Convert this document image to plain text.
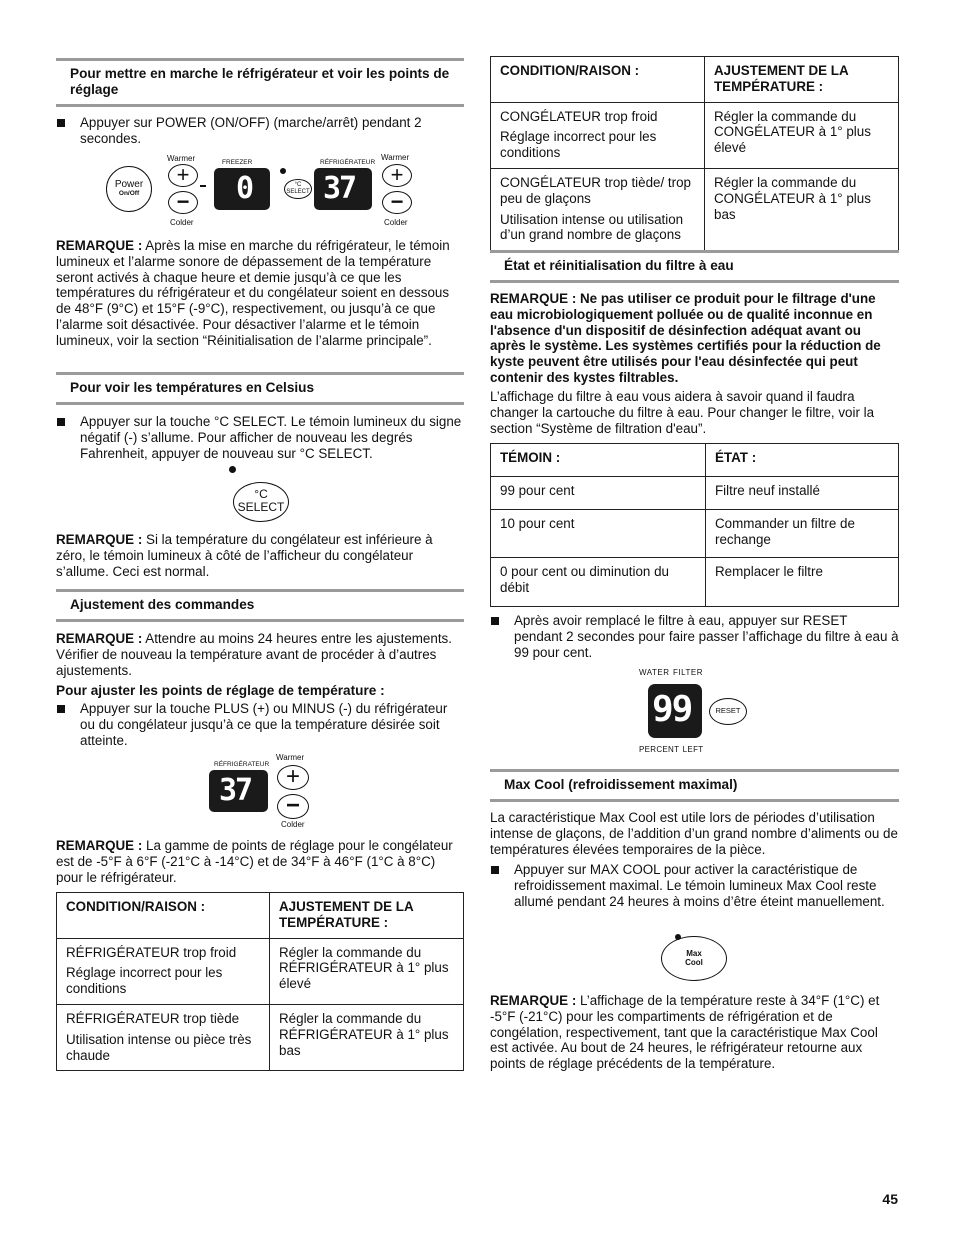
Pour mettre en marche le réfrigérateur et voir les points de réglage
Appuyer sur POWER (ON/OFF) (marche/arrêt) pendant 2 secondes.
Power
On/Off
Warmer
+
−
Colder
FREEZER
0	°C
SELECT
RÉFRIGÉRATEUR
37
Warmer
+
−
Colder
REMARQUE : Après la mise en marche du réfrigérateur, le témoin lumineux et l’alarme sonore de dépassement de la température seront activés à chaque heure et demie jusqu’à ce que les températures du réfrigérateur et du congélateur soient en dessous de 48°F (9°C) et 15°F (-9°C), respectivement, ou jusqu’à ce que l’alarme soit désactivée. Pour désactiver l’alarme et le témoin lumineux, voir la section “Réinitialisation de l’alarme principale”.
Pour voir les températures en Celsius
Appuyer sur la touche °C SELECT. Le témoin lumineux du signe négatif (-) s’allume. Pour afficher de nouveau les degrés Fahrenheit, appuyer de nouveau sur °C SELECT.
°C
SELECT
REMARQUE : Si la température du congélateur est inférieure à zéro, le témoin lumineux à côté de l’afficheur du congélateur s’allume. Ceci est normal.
Ajustement des commandes
REMARQUE : Attendre au moins 24 heures entre les ajustements. Vérifier de nouveau la température avant de procéder à d’autres ajustements.
Pour ajuster les points de réglage de température :
Appuyer sur la touche PLUS (+) ou MINUS (-) du réfrigérateur ou du congélateur jusqu’à ce que la température désirée soit atteinte.
RÉFRIGÉRATEUR
37
Warmer
+
−
Colder
REMARQUE : La gamme de points de réglage pour le congélateur est de -5°F à 6°F (-21°C à -14°C) et de 34°F à 46°F (1°C à 8°C) pour le réfrigérateur.
CONDITION/RAISON :	AJUSTEMENT DE LA TEMPÉRATURE :

RÉFRIGÉRATEUR trop froid

Réglage incorrect pour les conditions	Régler la commande du RÉFRIGÉRATEUR à 1° plus élevé

RÉFRIGÉRATEUR trop tiède

Utilisation intense ou pièce très chaude	Régler la commande du RÉFRIGÉRATEUR à 1° plus bas
CONDITION/RAISON :	AJUSTEMENT DE LA TEMPÉRATURE :

CONGÉLATEUR trop froid

Réglage incorrect pour les conditions	Régler la commande du CONGÉLATEUR à 1° plus élevé

CONGÉLATEUR trop tiède/ trop peu de glaçons

Utilisation intense ou utilisation d’un grand nombre de glaçons	Régler la commande du CONGÉLATEUR à 1° plus bas
État et réinitialisation du filtre à eau
REMARQUE : Ne pas utiliser ce produit pour le filtrage d'une eau microbiologiquement polluée ou de qualité inconnue en l'absence d'un dispositif de désinfection adéquat avant ou après le système. Les systèmes certifiés pour la réduction de kyste peuvent être utilisés pour l'eau désinfectée qui peut contenir des kystes filtrables.
L’affichage du filtre à eau vous aidera à savoir quand il faudra changer la cartouche du filtre à eau. Pour changer le filtre, voir la section “Système de filtration d'eau”.
TÉMOIN :	ÉTAT :
99 pour cent	Filtre neuf installé
10 pour cent	Commander un filtre de rechange
0 pour cent ou diminution du débit	Remplacer le filtre
Après avoir remplacé le filtre à eau, appuyer sur RESET pendant 2 secondes pour faire passer l’affichage du filtre à eau à 99 pour cent.
water filter
99	RESET
percent left
Max Cool (refroidissement maximal)
La caractéristique Max Cool est utile lors de périodes d’utilisation intense de glaçons, de l’addition d’un grand nombre d’aliments ou de températures élevées temporaires de la pièce.
Appuyer sur MAX COOL pour activer la caractéristique de refroidissement maximal. Le témoin lumineux Max Cool reste allumé pendant 24 heures à moins d’être éteint manuellement.
Max
Cool
REMARQUE : L’affichage de la température reste à 34°F (1°C) et -5°F (-21°C) pour les compartiments de réfrigération et de congélation, respectivement, tant que la caractéristique Max Cool est activée. Au bout de 24 heures, le réfrigérateur retourne aux points de réglage précédents de la température.
45
